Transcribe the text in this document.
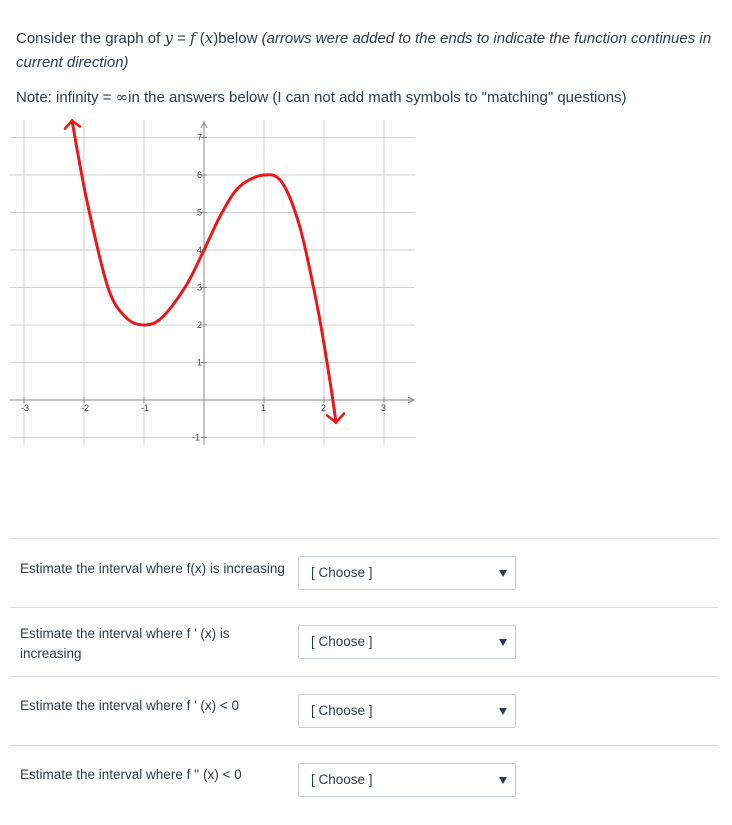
Consider the graph of y = f (x)below (arrows were added to the ends to indicate the function continues in current direction)
Note: infinity = ∞in the answers below (I can not add math symbols to "matching" questions)
-3	-2	-1	1	2	3
-1
1
2
3
4
5
6
7
Estimate the interval where f(x) is increasing	[ Choose ]
Estimate the interval where f ' (x) is increasing
[ Choose ]
Estimate the interval where f ' (x) < 0	[ Choose ]
Estimate the interval where f '' (x) < 0	[ Choose ]
